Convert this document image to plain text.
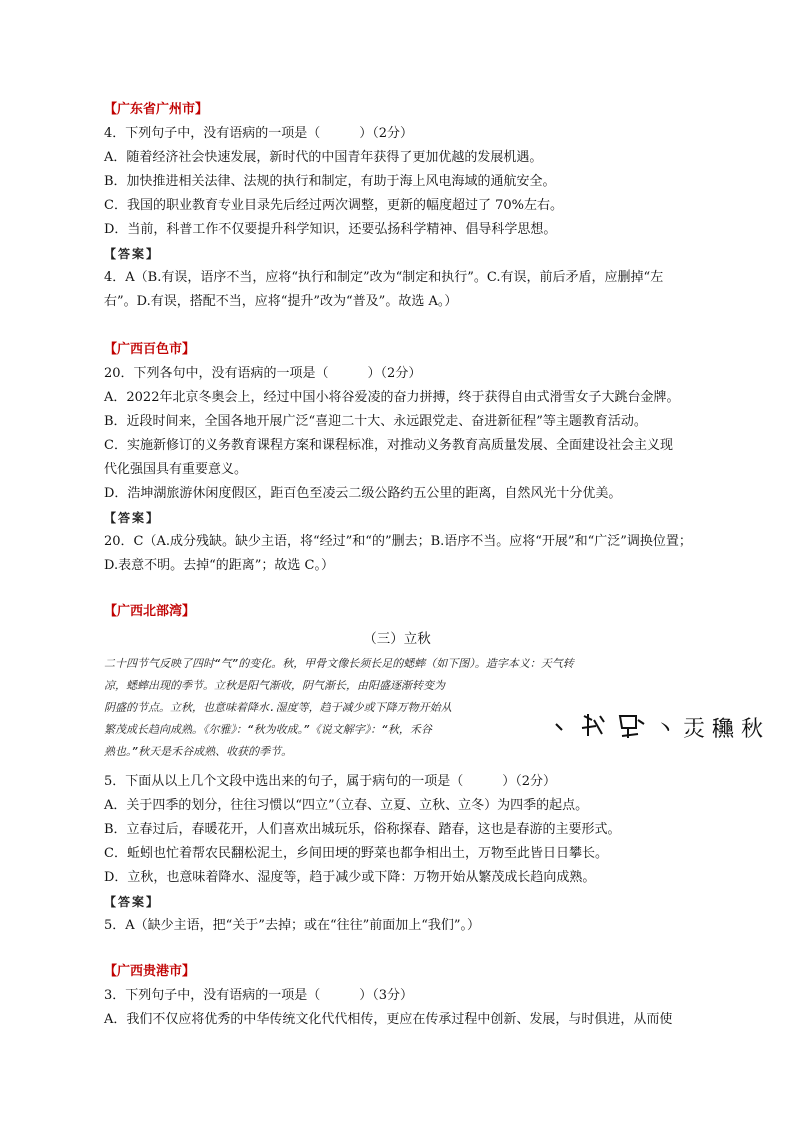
【广东省广州市】
4．下列句子中，没有语病的一项是（　　　）（2分）
A．随着经济社会快速发展，新时代的中国青年获得了更加优越的发展机遇。
B．加快推进相关法律、法规的执行和制定，有助于海上风电海域的通航安全。
C．我国的职业教育专业目录先后经过两次调整，更新的幅度超过了 70%左右。
D．当前，科普工作不仅要提升科学知识，还要弘扬科学精神、倡导科学思想。
【答案】
4．A（B.有误，语序不当，应将“执行和制定”改为“制定和执行”。C.有误，前后矛盾，应删掉“左
右”。D.有误，搭配不当，应将“提升”改为“普及”。故选 A。）
【广西百色市】
20．下列各句中，没有语病的一项是（　　　）（2分）
A．2022年北京冬奥会上，经过中国小将谷爱凌的奋力拼搏，终于获得自由式滑雪女子大跳台金牌。
B．近段时间来，全国各地开展广泛“喜迎二十大、永远跟党走、奋进新征程”等主题教育活动。
C．实施新修订的义务教育课程方案和课程标准，对推动义务教育高质量发展、全面建设社会主义现
代化强国具有重要意义。
D．浩坤湖旅游休闲度假区，距百色至凌云二级公路约五公里的距离，自然风光十分优美。
【答案】
20．C（A.成分残缺。缺少主语，将“经过”和“的”删去；B.语序不当。应将“开展”和“广泛”调换位置；
D.表意不明。去掉“的距离”；故选 C。）
【广西北部湾】
（三）立秋
二十四节气反映了四时“气”的变化。秋，甲骨文像长须长足的蟋蟀（如下图）。造字本义：天气转
凉，蟋蟀出现的季节。立秋是阳气渐收，阴气渐长，由阳盛逐渐转变为
阴盛的节点。立秋，也意味着降水.湿度等，趋于减少或下降万物开始从
繁茂成长趋向成熟。《尔雅》：“秋为收成。”《说文解字》：“秋，禾谷
熟也。”秋天是禾谷成熟、收获的季节。
丶 㶣 𥤚 秋
5．下面从以上几个文段中选出来的句子，属于病句的一项是（　　　）（2分）
A．关于四季的划分，往往习惯以“四立”（立春、立夏、立秋、立冬）为四季的起点。
B．立春过后，春暖花开，人们喜欢出城玩乐，俗称探春、踏春，这也是春游的主要形式。
C．蚯蚓也忙着帮农民翻松泥土，乡间田埂的野菜也都争相出土，万物至此皆日日攀长。
D．立秋，也意味着降水、湿度等，趋于减少或下降：万物开始从繁茂成长趋向成熟。
【答案】
5．A（缺少主语，把“关于”去掉；或在“往往”前面加上“我们”。）
【广西贵港市】
3．下列句子中，没有语病的一项是（　　　）（3分）
A．我们不仅应将优秀的中华传统文化代代相传，更应在传承过程中创新、发展，与时俱进，从而使
